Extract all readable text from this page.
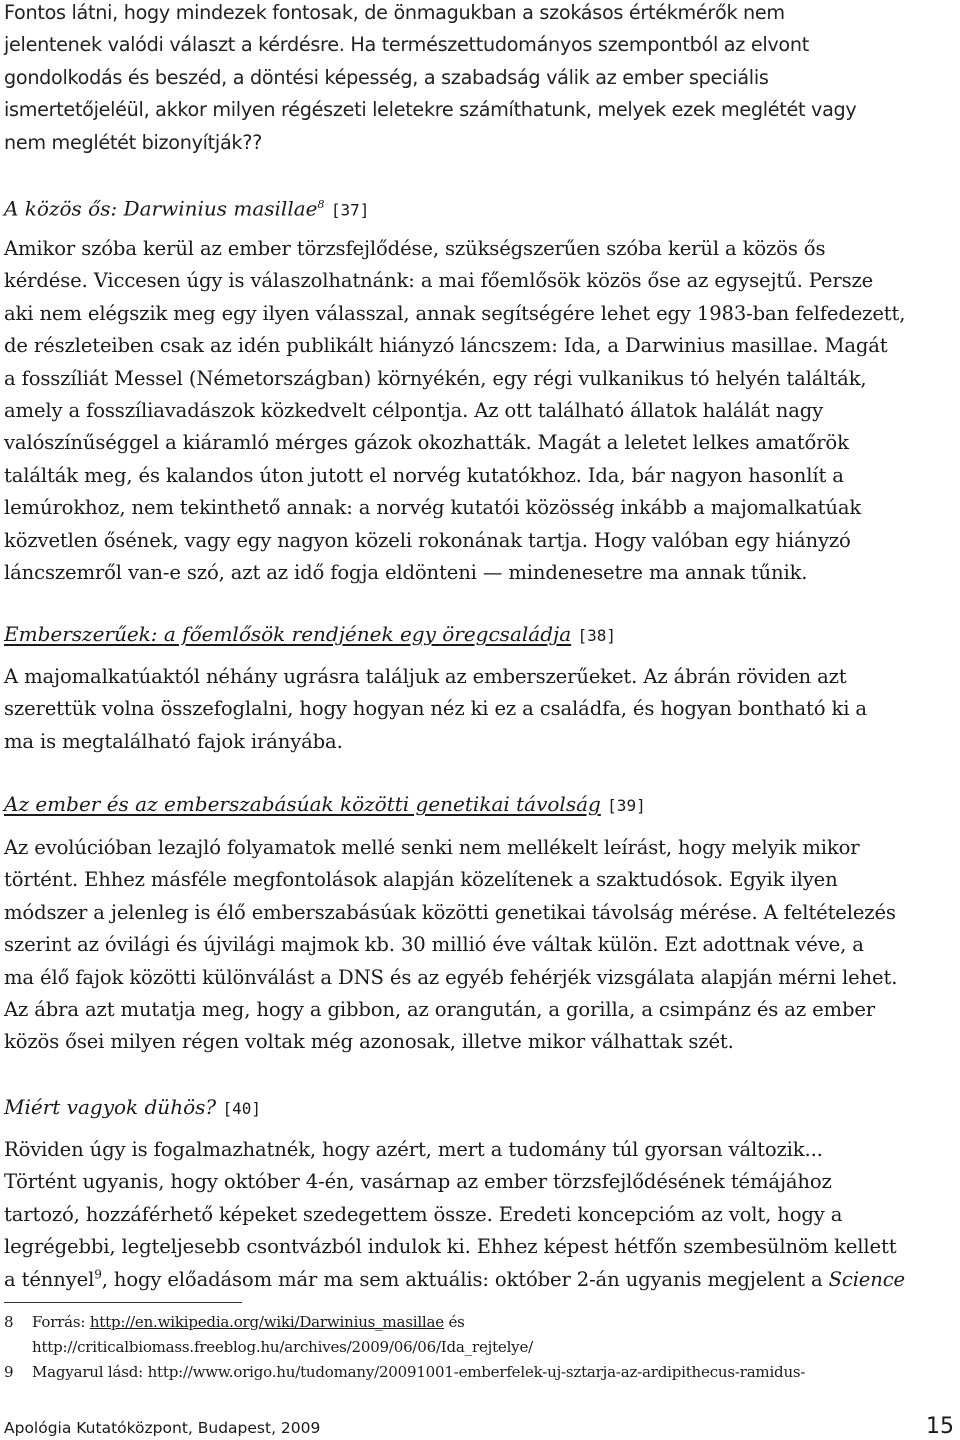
Fontos látni, hogy mindezek fontosak, de önmagukban a szokásos értékmérők nem
jelentenek valódi választ a kérdésre. Ha természettudományos szempontból az elvont
gondolkodás és beszéd, a döntési képesség, a szabadság válik az ember speciális
ismertetőjeléül, akkor milyen régészeti leletekre számíthatunk, melyek ezek meglétét vagy
nem meglétét bizonyítják??

A közös ős: Darwinius masillae$^8$ [37]

Amikor szóba kerül az ember törzsfejlődése, szükségszerűen szóba kerül a közös ős
kérdése. Viccesen úgy is válaszolhatnánk: a mai főemlősök közös őse az egysejtű. Persze
aki nem elégszik meg egy ilyen válasszal, annak segítségére lehet egy 1983-ban felfedezett,
de részleteiben csak az idén publikált hiányzó láncszem: Ida, a Darwinius masillae. Magát
a fosszíliát Messel (Németországban) környékén, egy régi vulkanikus tó helyén találták,
amely a fosszíliavadászok közkedvelt célpontja. Az ott található állatok halálát nagy
valószínűséggel a kiáramló mérges gázok okozhatták. Magát a leletet lelkes amatőrök
találták meg, és kalandos úton jutott el norvég kutatókhoz. Ida, bár nagyon hasonlít a
lemúrokhoz, nem tekinthető annak: a norvég kutatói közösség inkább a majomalkatúak
közvetlen ősének, vagy egy nagyon közeli rokonának tartja. Hogy valóban egy hiányzó
láncszemről van-e szó, azt az idő fogja eldönteni — mindenesetre ma annak tűnik.

Emberszerűek: a főemlősök rendjének egy öregcsaládja [38]

A majomalkatúaktól néhány ugrásra találjuk az emberszerűeket. Az ábrán röviden azt
szerettük volna összefoglalni, hogy hogyan néz ki ez a családfa, és hogyan bontható ki a
ma is megtalálható fajok irányába.

Az ember és az emberszabásúak közötti genetikai távolság [39]

Az evolúcióban lezajló folyamatok mellé senki nem mellékelt leírást, hogy melyik mikor
történt. Ehhez másféle megfontolások alapján közelítenek a szaktudósok. Egyik ilyen
módszer a jelenleg is élő emberszabásúak közötti genetikai távolság mérése. A feltételezés
szerint az óvilági és újvilági majmok kb. 30 millió éve váltak külön. Ezt adottnak véve, a
ma élő fajok közötti különválást a DNS és az egyéb fehérjék vizsgálata alapján mérni lehet.
Az ábra azt mutatja meg, hogy a gibbon, az orangután, a gorilla, a csimpánz és az ember
közös ősei milyen régen voltak még azonosak, illetve mikor válhattak szét.

Miért vagyok dühös? [40]

Röviden úgy is fogalmazhatnék, hogy azért, mert a tudomány túl gyorsan változik...
Történt ugyanis, hogy október 4-én, vasárnap az ember törzsfejlődésének témájához
tartozó, hozzáférhető képeket szedegettem össze. Eredeti koncepcióm az volt, hogy a
legrégebbi, legteljesebb csontvázból indulok ki. Ehhez képest hétfőn szembesülnöm kellett
a ténnyel$^9$, hogy előadásom már ma sem aktuális: október 2-án ugyanis megjelent a Science

8 Forrás: http://en.wikipedia.org/wiki/Darwinius_masillae és
http://criticalbiomass.freeblog.hu/archives/2009/06/06/Ida_rejtelye/
9 Magyarul lásd: http://www.origo.hu/tudomany/20091001-emberfelek-uj-sztarja-az-ardipithecus-ramidus-
Apológia Kutatóközpont, Budapest, 2009	15
